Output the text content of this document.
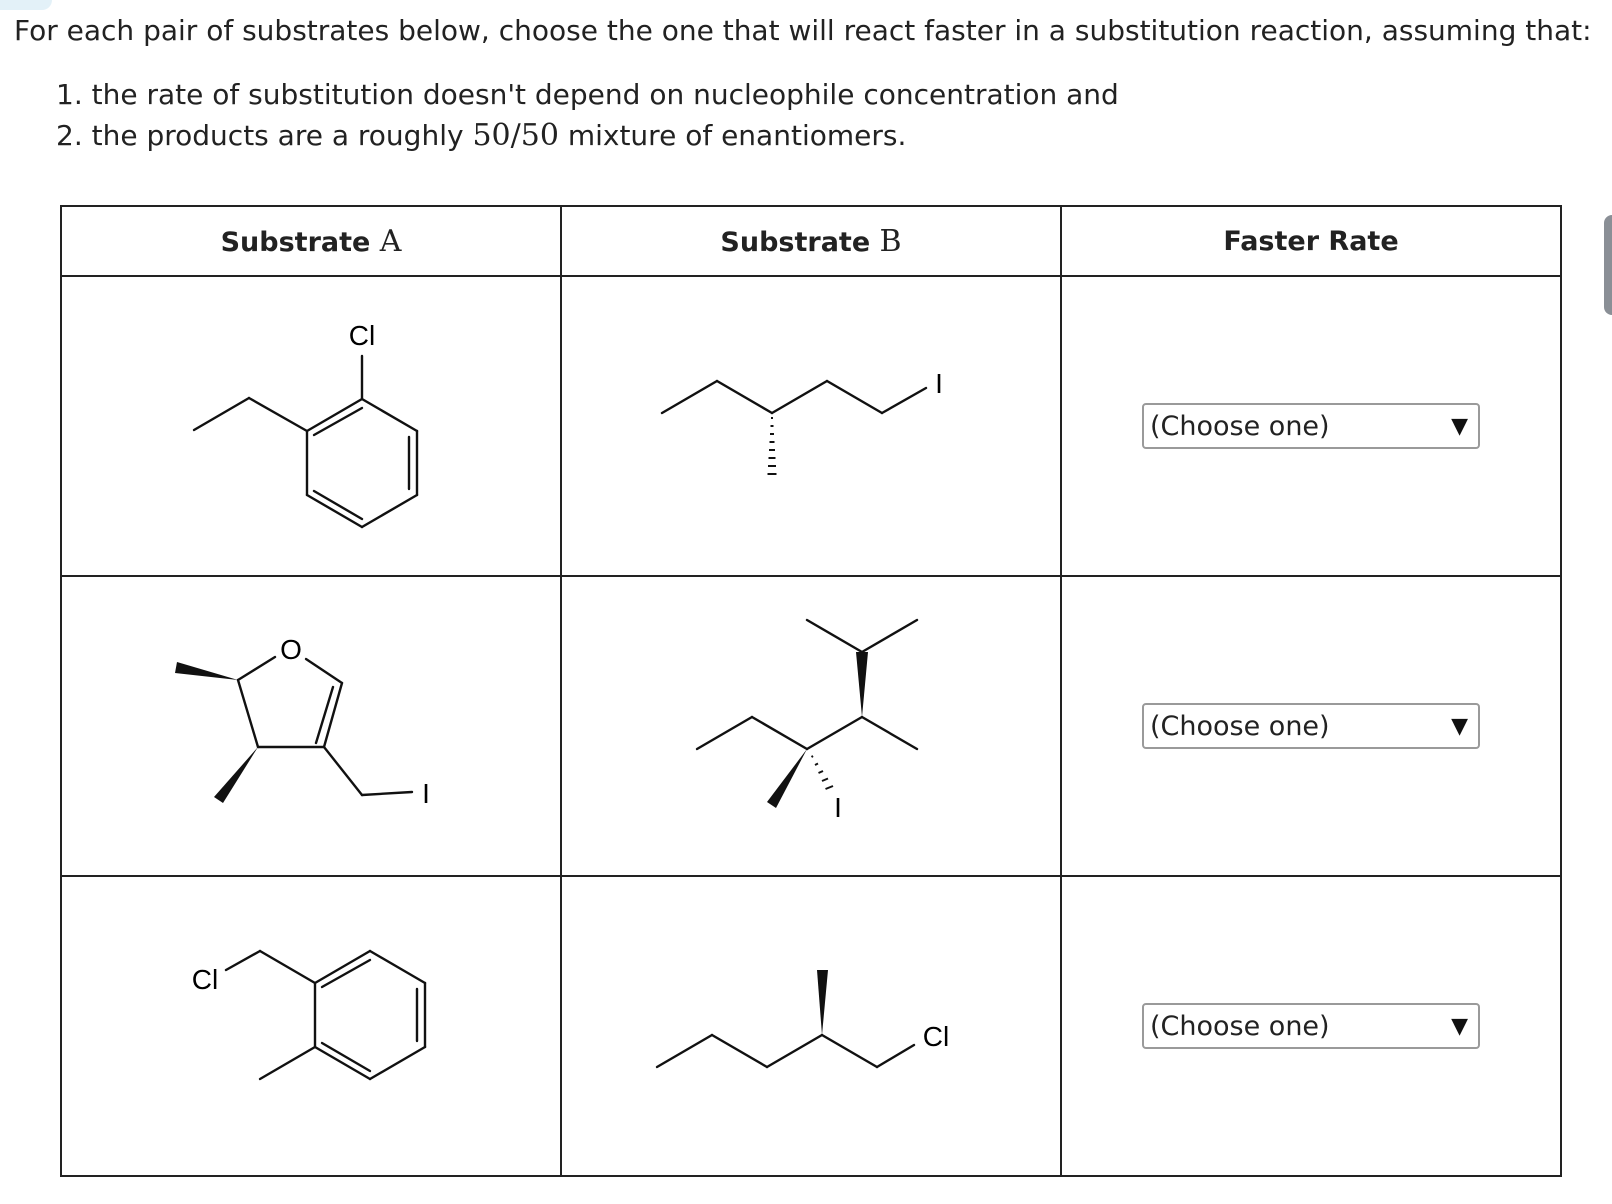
For each pair of substrates below, choose the one that will react faster in a substitution reaction, assuming that:

1. the rate of substitution doesn't depend on nucleophile concentration and
2. the products are a roughly 50/50 mixture of enantiomers.
Substrate A	Substrate B	Faster Rate

Cl	I	(Choose one) ▼

O
I	I	(Choose one) ▼

Cl	Cl	(Choose one) ▼
